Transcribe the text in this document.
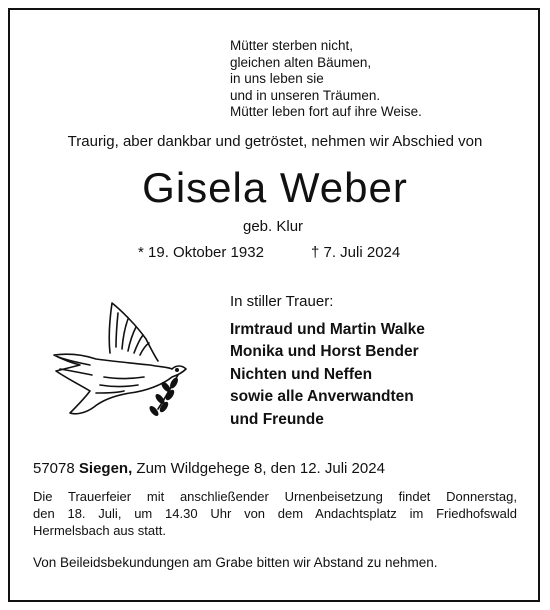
Mütter sterben nicht,
gleichen alten Bäumen,
in uns leben sie
und in unseren Träumen.
Mütter leben fort auf ihre Weise.
Traurig, aber dankbar und getröstet, nehmen wir Abschied von
Gisela Weber
geb. Klur
* 19. Oktober 1932	† 7. Juli 2024
In stiller Trauer:
Irmtraud und Martin Walke
Monika und Horst Bender
Nichten und Neffen
sowie alle Anverwandten
und Freunde
57078 Siegen, Zum Wildgehege 8, den 12. Juli 2024
Die Trauerfeier mit anschließender Urnenbeisetzung findet Donnerstag,
den 18. Juli, um 14.30 Uhr von dem Andachtsplatz im Friedhofswald
Hermelsbach aus statt.
Von Beileidsbekundungen am Grabe bitten wir Abstand zu nehmen.
